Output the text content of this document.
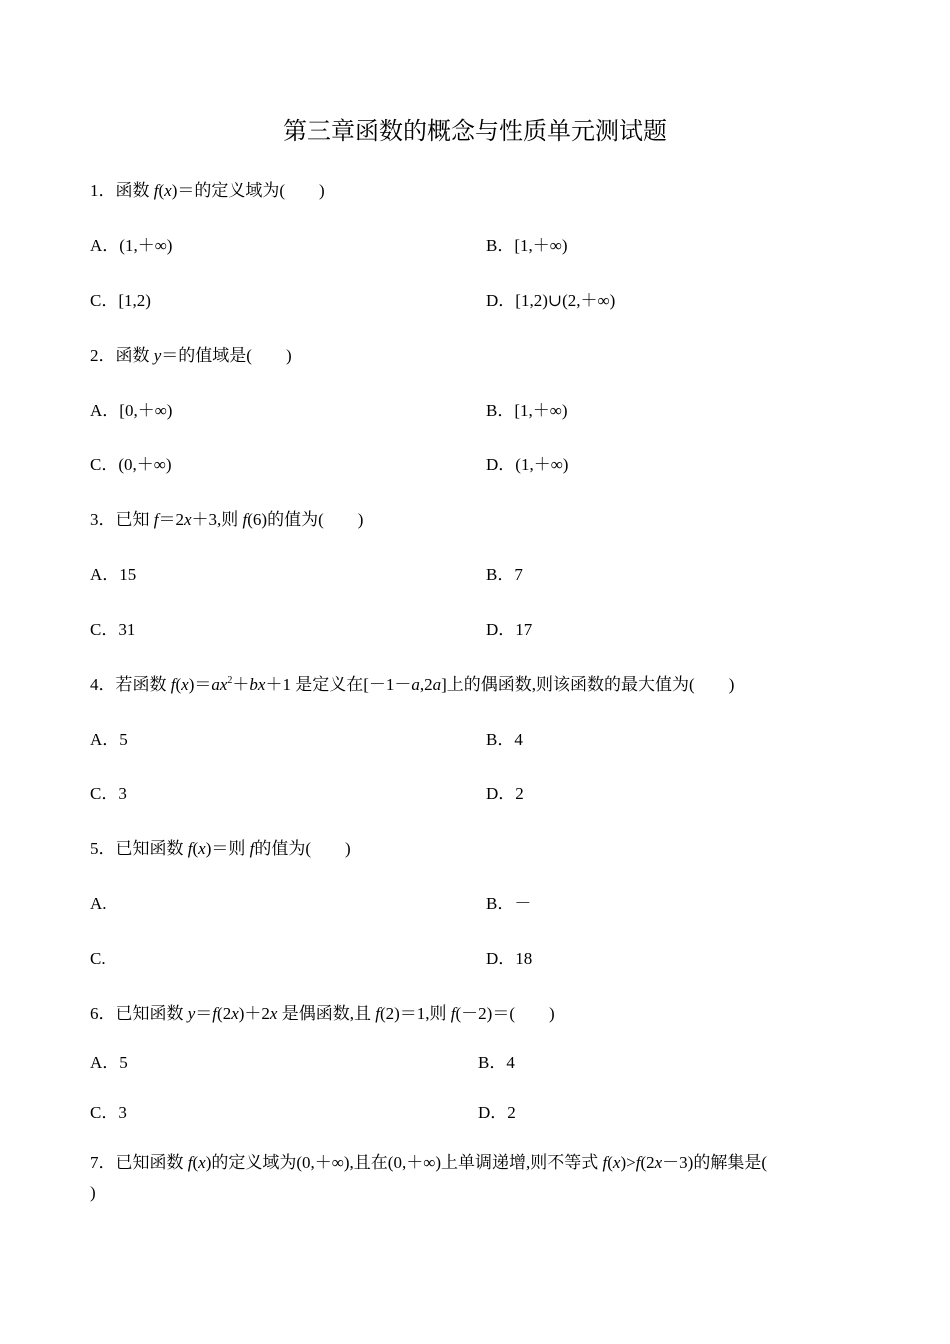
第三章函数的概念与性质单元测试题
1．函数 f(x)＝的定义域为( )
A．(1,＋∞)	B．[1,＋∞)
C．[1,2)	D．[1,2)∪(2,＋∞)
2．函数 y＝的值域是( )
A．[0,＋∞)	B．[1,＋∞)
C．(0,＋∞)	D．(1,＋∞)
3．已知 f＝2x＋3,则 f(6)的值为( )
A．15	B．7
C．31	D．17
4．若函数 $f(x)=ax^2+bx+1$ 是定义在[－1－a,2a]上的偶函数,则该函数的最大值为( )
A．5	B．4
C．3	D．2
5．已知函数 f(x)＝则 f的值为( )
A.	B．－
C.	D．18
6．已知函数 y＝f(2x)＋2x 是偶函数,且 f(2)＝1,则 f(－2)＝( )
A．5	B．4
C．3	D．2
7．已知函数 f(x)的定义域为(0,＋∞),且在(0,＋∞)上单调递增,则不等式 f(x)>f(2x－3)的解集是(
)
